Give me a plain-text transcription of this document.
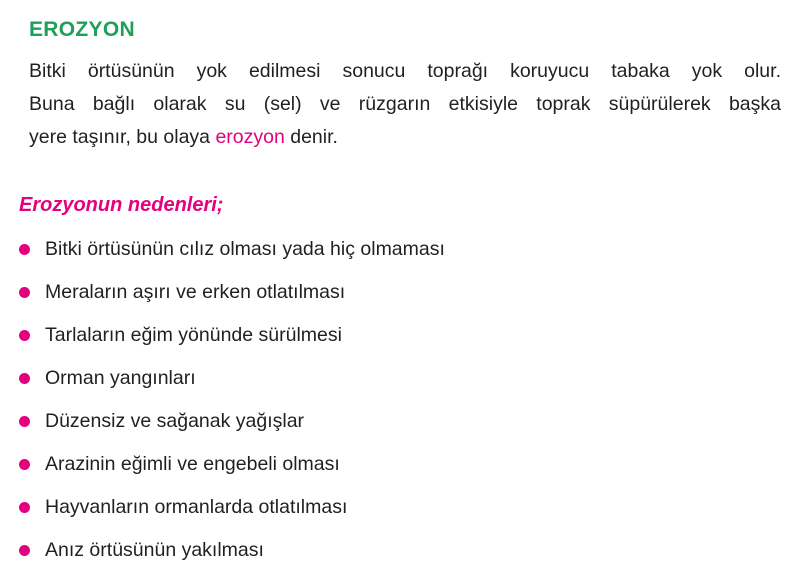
EROZYON
Bitki örtüsünün yok edilmesi sonucu toprağı koruyucu tabaka yok olur.
Buna bağlı olarak su (sel) ve rüzgarın etkisiyle toprak süpürülerek başka
yere taşınır, bu olaya erozyon denir.
Erozyonun nedenleri;
Bitki örtüsünün cılız olması yada hiç olmaması
Meraların aşırı ve erken otlatılması
Tarlaların eğim yönünde sürülmesi
Orman yangınları
Düzensiz ve sağanak yağışlar
Arazinin eğimli ve engebeli olması
Hayvanların ormanlarda otlatılması
Anız örtüsünün yakılması
